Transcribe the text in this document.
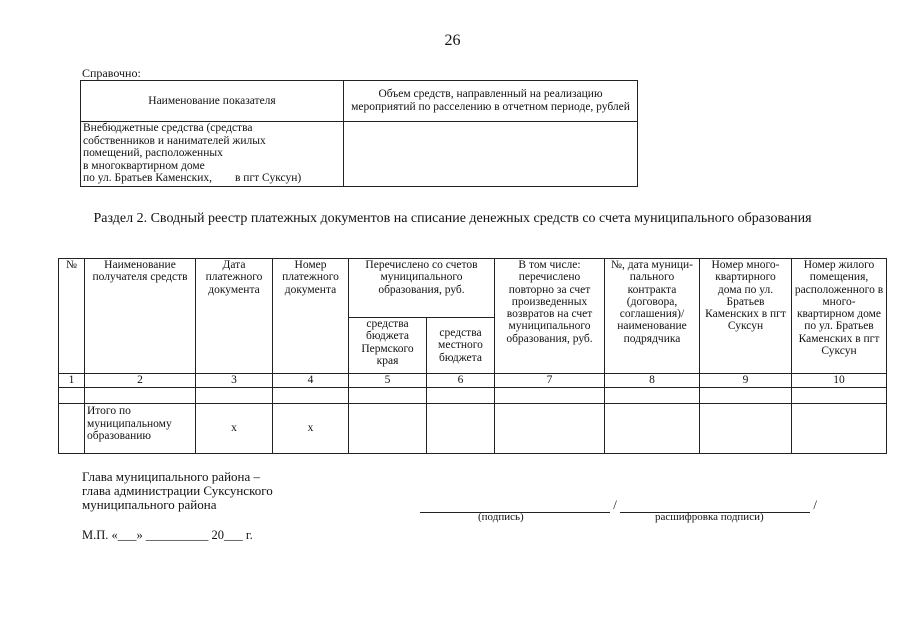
26
Справочно:
Наименование показателя	Объем средств, направленный на реализацию мероприятий по расселению в отчетном периоде, рублей

Внебюджетные средства (средства
собственников и нанимателей жилых
помещений, расположенных
в многоквартирном доме
по ул. Братьев Каменских,        в пгт Суксун)	

Раздел 2. Сводный реестр платежных документов на списание денежных средств со счета муниципального образования
№	Наименование получателя средств	Дата платежного документа	Номер платежного документа	Перечислено со счетов муниципального образования, руб.		В том числе: перечислено повторно за счет произведенных возвратов на счет муниципального образования, руб.	№, дата муници-пального контракта (договора, соглашения)/ наименование подрядчика	Номер много-квартирного дома по ул. Братьев Каменских в пгт Суксун	Номер жилого помещения, расположенного в много-квартирном доме по ул. Братьев Каменских в пгт Суксун
				средства бюджета Пермского края	средства местного бюджета				
1	2	3	4	5	6	7	8	9	10

	Итого по муниципальному образованию	х	х						
Глава муниципального района –
глава администрации Суксунского
муниципального района	/	/
(подпись)	расшифровка подписи)
М.П. «___» __________ 20___ г.
